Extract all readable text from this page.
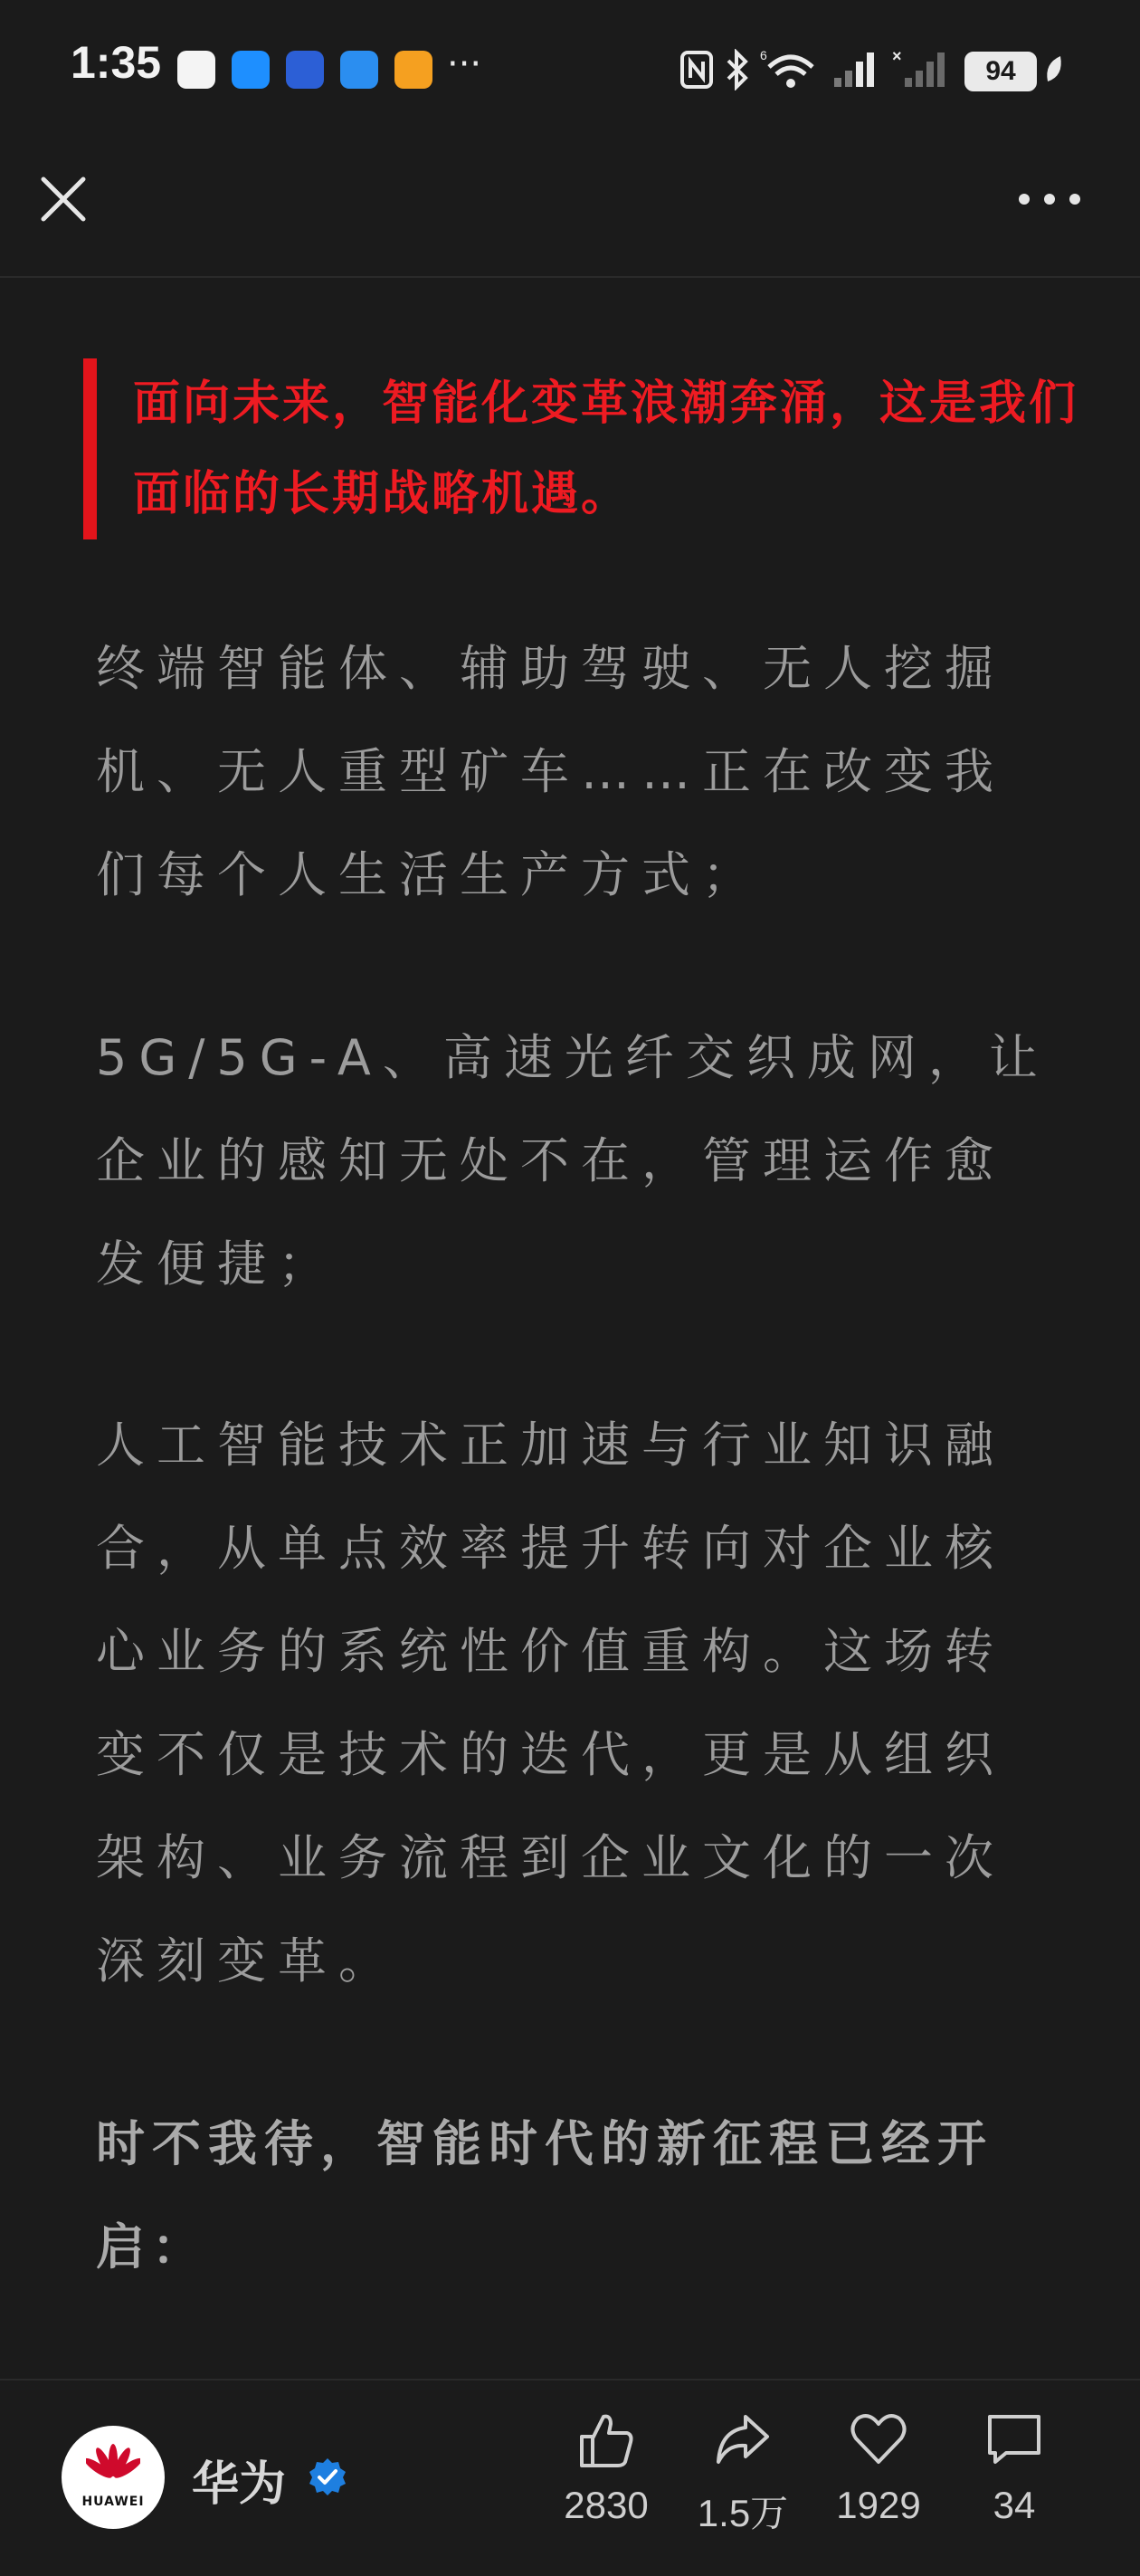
1:35	···	6	×	94
面向未来，智能化变革浪潮奔涌，这是我们面临的长期战略机遇。
终端智能体、辅助驾驶、无人挖掘机、无人重型矿车……正在改变我们每个人生活生产方式；
5G/5G-A、高速光纤交织成网，让企业的感知无处不在，管理运作愈发便捷；
人工智能技术正加速与行业知识融合，从单点效率提升转向对企业核心业务的系统性价值重构。这场转变不仅是技术的迭代，更是从组织架构、业务流程到企业文化的一次深刻变革。
时不我待，智能时代的新征程已经开启：
HUAWEI	华为	2830	1.5万	1929	34
